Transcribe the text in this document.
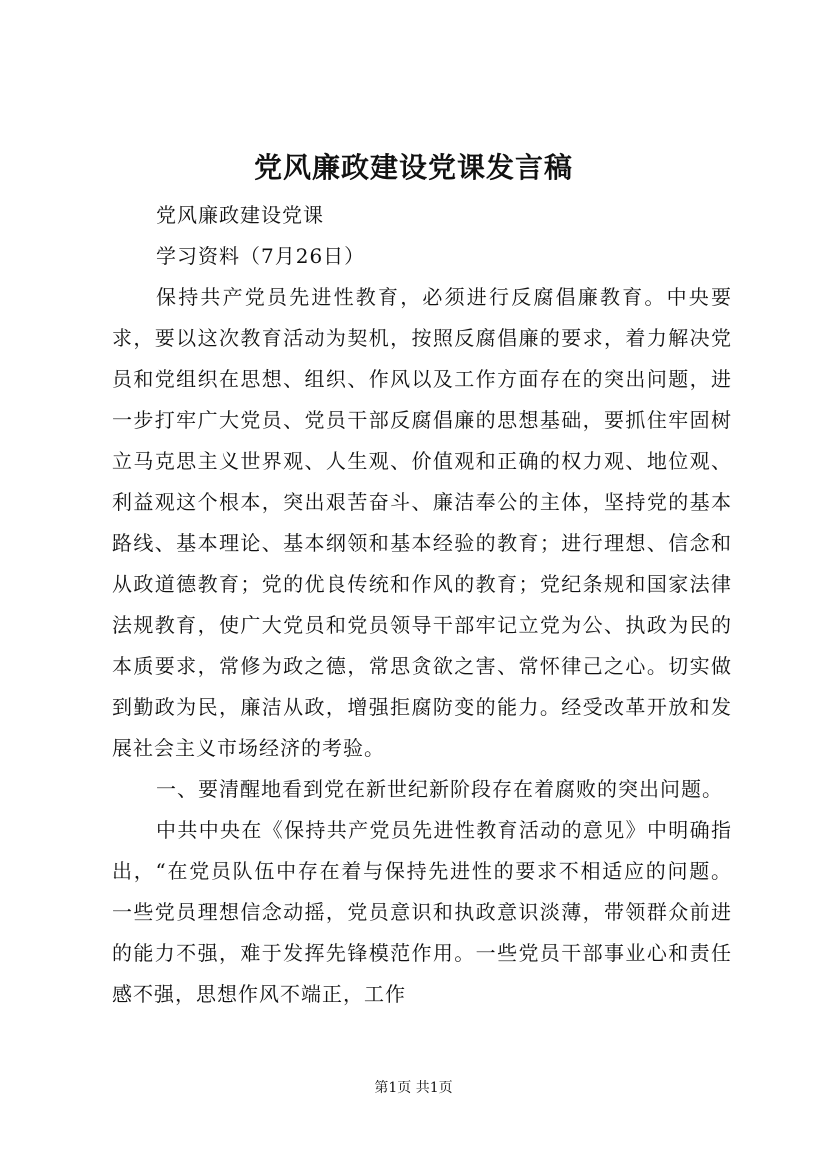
党风廉政建设党课发言稿

党风廉政建设党课

学习资料（7月26日）

保持共产党员先进性教育，必须进行反腐倡廉教育。中央要求，要以这次教育活动为契机，按照反腐倡廉的要求，着力解决党员和党组织在思想、组织、作风以及工作方面存在的突出问题，进一步打牢广大党员、党员干部反腐倡廉的思想基础，要抓住牢固树立马克思主义世界观、人生观、价值观和正确的权力观、地位观、利益观这个根本，突出艰苦奋斗、廉洁奉公的主体，坚持党的基本路线、基本理论、基本纲领和基本经验的教育；进行理想、信念和从政道德教育；党的优良传统和作风的教育；党纪条规和国家法律法规教育，使广大党员和党员领导干部牢记立党为公、执政为民的本质要求，常修为政之德，常思贪欲之害、常怀律己之心。切实做到勤政为民，廉洁从政，增强拒腐防变的能力。经受改革开放和发展社会主义市场经济的考验。

一、要清醒地看到党在新世纪新阶段存在着腐败的突出问题。

中共中央在《保持共产党员先进性教育活动的意见》中明确指出，“在党员队伍中存在着与保持先进性的要求不相适应的问题。一些党员理想信念动摇，党员意识和执政意识淡薄，带领群众前进的能力不强，难于发挥先锋模范作用。一些党员干部事业心和责任感不强，思想作风不端正，工作

第1页 共1页
